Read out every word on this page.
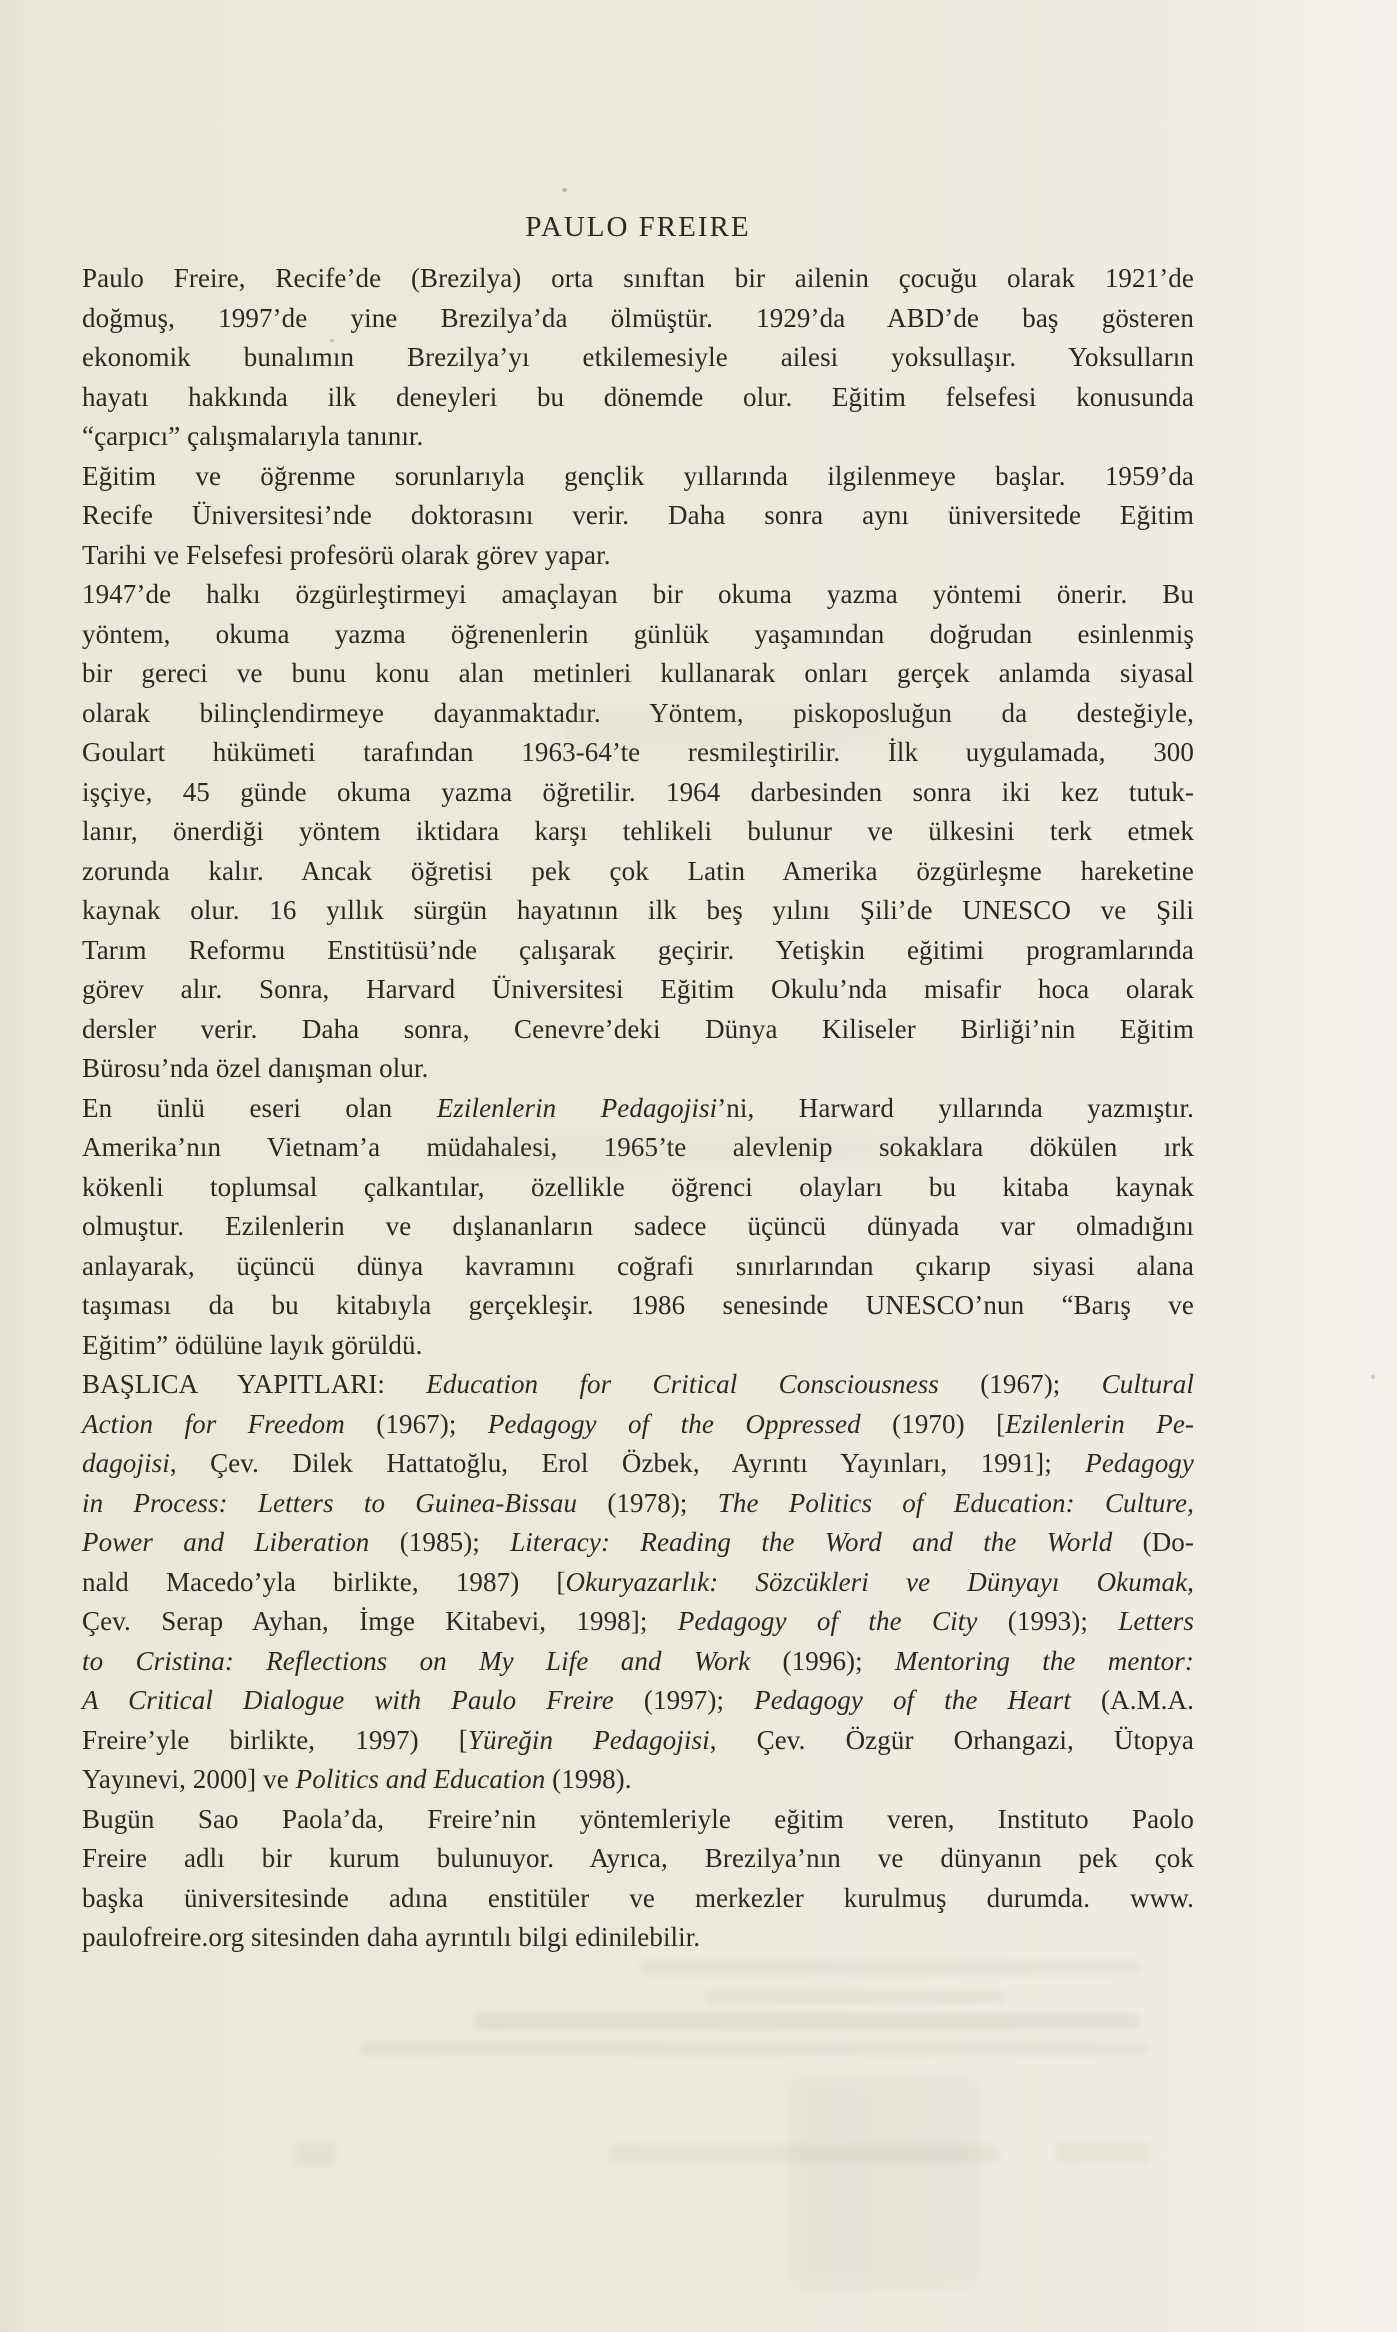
PAULO FREIRE
Paulo Freire, Recife’de (Brezilya) orta sınıftan bir ailenin çocuğu olarak 1921’de
doğmuş, 1997’de yine Brezilya’da ölmüştür. 1929’da ABD’de baş gösteren
ekonomik bunalımın Brezilya’yı etkilemesiyle ailesi yoksullaşır. Yoksulların
hayatı hakkında ilk deneyleri bu dönemde olur. Eğitim felsefesi konusunda
“çarpıcı” çalışmalarıyla tanınır.
Eğitim ve öğrenme sorunlarıyla gençlik yıllarında ilgilenmeye başlar. 1959’da
Recife Üniversitesi’nde doktorasını verir. Daha sonra aynı üniversitede Eğitim
Tarihi ve Felsefesi profesörü olarak görev yapar.
1947’de halkı özgürleştirmeyi amaçlayan bir okuma yazma yöntemi önerir. Bu
yöntem, okuma yazma öğrenenlerin günlük yaşamından doğrudan esinlenmiş
bir gereci ve bunu konu alan metinleri kullanarak onları gerçek anlamda siyasal
olarak bilinçlendirmeye dayanmaktadır. Yöntem, piskoposluğun da desteğiyle,
Goulart hükümeti tarafından 1963-64’te resmileştirilir. İlk uygulamada, 300
işçiye, 45 günde okuma yazma öğretilir. 1964 darbesinden sonra iki kez tutuk-
lanır, önerdiği yöntem iktidara karşı tehlikeli bulunur ve ülkesini terk etmek
zorunda kalır. Ancak öğretisi pek çok Latin Amerika özgürleşme hareketine
kaynak olur. 16 yıllık sürgün hayatının ilk beş yılını Şili’de UNESCO ve Şili
Tarım Reformu Enstitüsü’nde çalışarak geçirir. Yetişkin eğitimi programlarında
görev alır. Sonra, Harvard Üniversitesi Eğitim Okulu’nda misafir hoca olarak
dersler verir. Daha sonra, Cenevre’deki Dünya Kiliseler Birliği’nin Eğitim
Bürosu’nda özel danışman olur.
En ünlü eseri olan Ezilenlerin Pedagojisi’ni, Harward yıllarında yazmıştır.
Amerika’nın Vietnam’a müdahalesi, 1965’te alevlenip sokaklara dökülen ırk
kökenli toplumsal çalkantılar, özellikle öğrenci olayları bu kitaba kaynak
olmuştur. Ezilenlerin ve dışlananların sadece üçüncü dünyada var olmadığını
anlayarak, üçüncü dünya kavramını coğrafi sınırlarından çıkarıp siyasi alana
taşıması da bu kitabıyla gerçekleşir. 1986 senesinde UNESCO’nun “Barış ve
Eğitim” ödülüne layık görüldü.
BAŞLICA YAPITLARI: Education for Critical Consciousness (1967); Cultural
Action for Freedom (1967); Pedagogy of the Oppressed (1970) [Ezilenlerin Pe-
dagojisi, Çev. Dilek Hattatoğlu, Erol Özbek, Ayrıntı Yayınları, 1991]; Pedagogy
in Process: Letters to Guinea-Bissau (1978); The Politics of Education: Culture,
Power and Liberation (1985); Literacy: Reading the Word and the World (Do-
nald Macedo’yla birlikte, 1987) [Okuryazarlık: Sözcükleri ve Dünyayı Okumak,
Çev. Serap Ayhan, İmge Kitabevi, 1998]; Pedagogy of the City (1993); Letters
to Cristina: Reflections on My Life and Work (1996); Mentoring the mentor:
A Critical Dialogue with Paulo Freire (1997); Pedagogy of the Heart (A.M.A.
Freire’yle birlikte, 1997) [Yüreğin Pedagojisi, Çev. Özgür Orhangazi, Ütopya
Yayınevi, 2000] ve Politics and Education (1998).
Bugün Sao Paola’da, Freire’nin yöntemleriyle eğitim veren, Instituto Paolo
Freire adlı bir kurum bulunuyor. Ayrıca, Brezilya’nın ve dünyanın pek çok
başka üniversitesinde adına enstitüler ve merkezler kurulmuş durumda. www.
paulofreire.org sitesinden daha ayrıntılı bilgi edinilebilir.
